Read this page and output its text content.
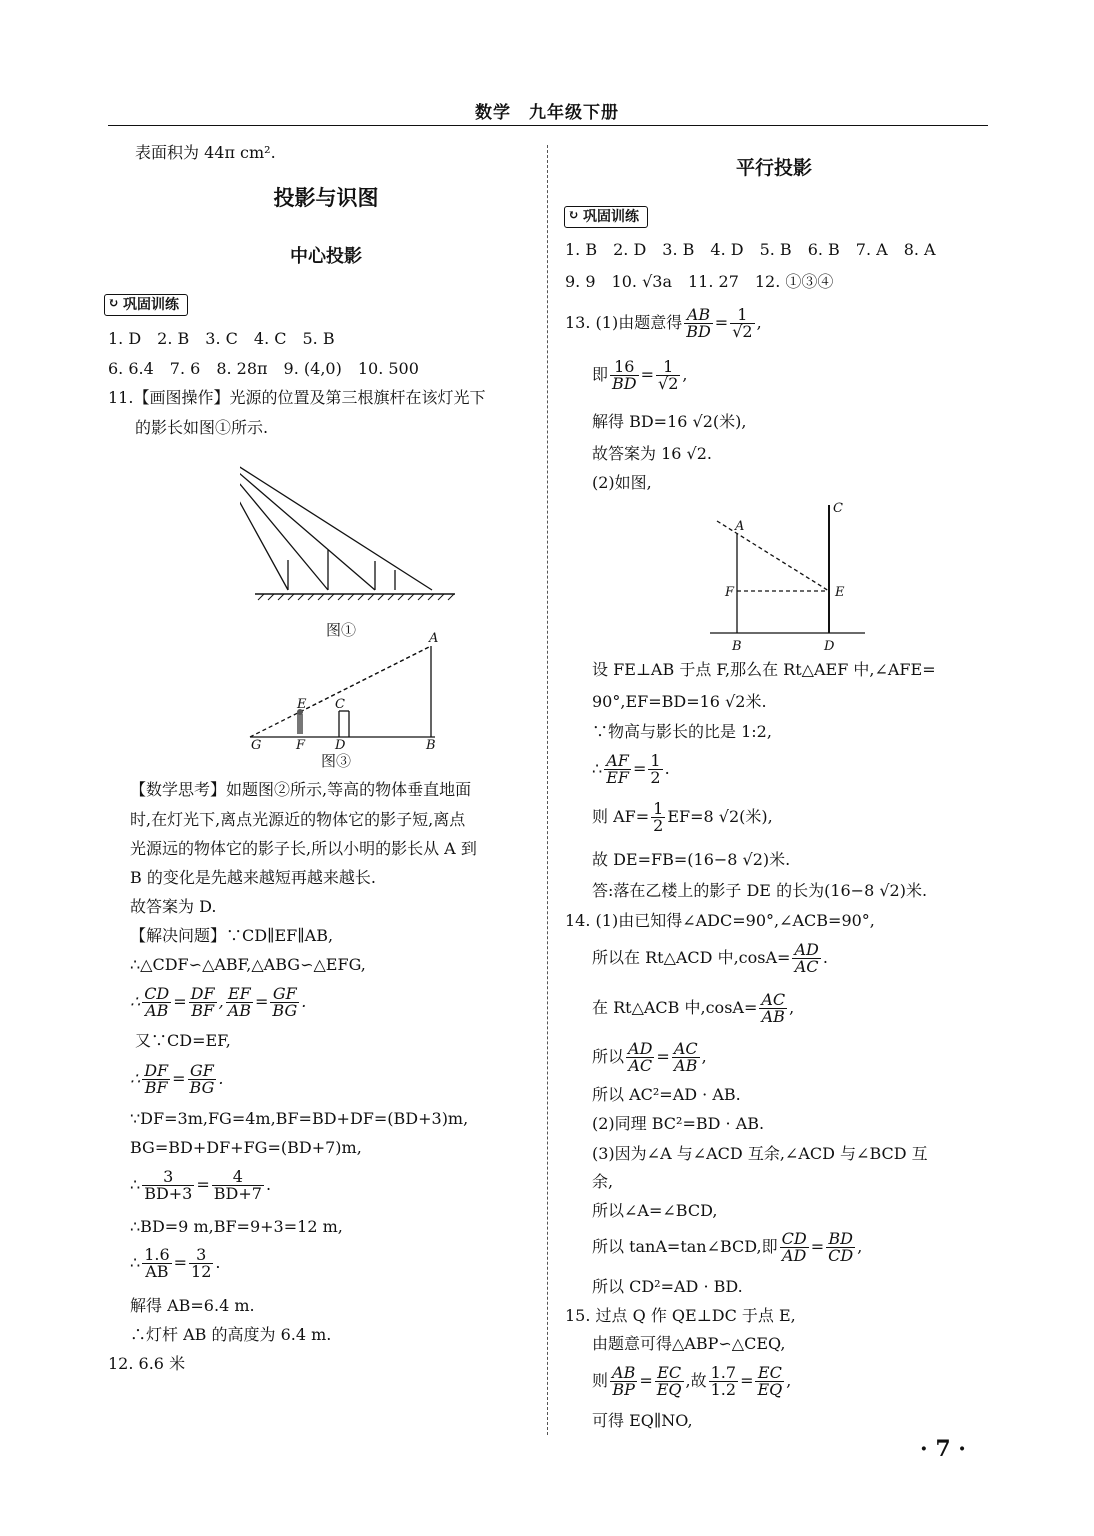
数学　九年级下册
表面积为 44π cm².
投影与识图
中心投影
↻ 巩固训练
1. D　2. B　3. C　4. C　5. B
6. 6.4　7. 6　8. 28π　9. (4,0)　10. 500
11.【画图操作】光源的位置及第三根旗杆在该灯光下
的影长如图①所示.
图①	A
E C
G	F D	B
图③
【数学思考】如题图②所示,等高的物体垂直地面
时,在灯光下,离点光源近的物体它的影子短,离点
光源远的物体它的影子长,所以小明的影长从 A 到
B 的变化是先越来越短再越来越长.
故答案为 D.
【解决问题】∵CD∥EF∥AB,
∴△CDF∽△ABF,△ABG∽△EFG,
∴ $\frac{CD}{AB} = \frac{DF}{BF}$ , $\frac{EF}{AB} = \frac{GF}{BG}$ .
又∵CD=EF,
∴ $\frac{DF}{BF} = \frac{GF}{BG}$ .
∵DF=3m,FG=4m,BF=BD+DF=(BD+3)m,
BG=BD+DF+FG=(BD+7)m,
∴ $\frac{3}{BD+3} = \frac{4}{BD+7}$ .
∴BD=9 m,BF=9+3=12 m,
∴ $\frac{1.6}{AB} = \frac{3}{12}$ .
解得 AB=6.4 m.
∴灯杆 AB 的高度为 6.4 m.
12. 6.6 米
平行投影
↻ 巩固训练
1. B　2. D　3. B　4. D　5. B　6. B　7. A　8. A
9. 9　10. √3a　11. 27　12. ①③④
13. (1)由题意得 $\frac{AB}{BD} = \frac{1}{√2}$ ,
即 $\frac{16}{BD} = \frac{1}{√2}$ ,
解得 BD=16 √2(米),
故答案为 16 √2.
(2)如图,
A
C
F	E
B	D
设 FE⊥AB 于点 F,那么在 Rt△AEF 中,∠AFE=
90°,EF=BD=16 √2米.
∵物高与影长的比是 1:2,
∴ $\frac{AF}{EF} = \frac{1}{2}$ .
则 $AF= \frac{1}{2} EF=8$ √2(米),
故 DE=FB=(16−8 √2)米.
答:落在乙楼上的影子 DE 的长为(16−8 √2)米.
14. (1)由已知得∠ADC=90°,∠ACB=90°,
所以在 Rt△ACD 中$,\cos A= \frac{AD}{AC}$ .
在 Rt△ACB 中$,\cos A= \frac{AC}{AB}$ ,
所以 $\frac{AD}{AC} = \frac{AC}{AB}$ ,
所以 AC²=AD · AB.
(2)同理 BC²=BD · AB.
(3)因为∠A 与∠ACD 互余,∠ACD 与∠BCD 互
余,
所以∠A=∠BCD,
所以 tanA=tan∠BCD,即 $\frac{CD}{AD} = \frac{BD}{CD}$ ,
所以 CD²=AD · BD.
15. 过点 Q 作 QE⊥DC 于点 E,
由题意可得△ABP∽△CEQ,
则 $\frac{AB}{BP} = \frac{EC}{EQ}$ ,故 $\frac{1.7}{1.2} = \frac{EC}{EQ}$ ,
可得 EQ∥NO,
· 7 ·
